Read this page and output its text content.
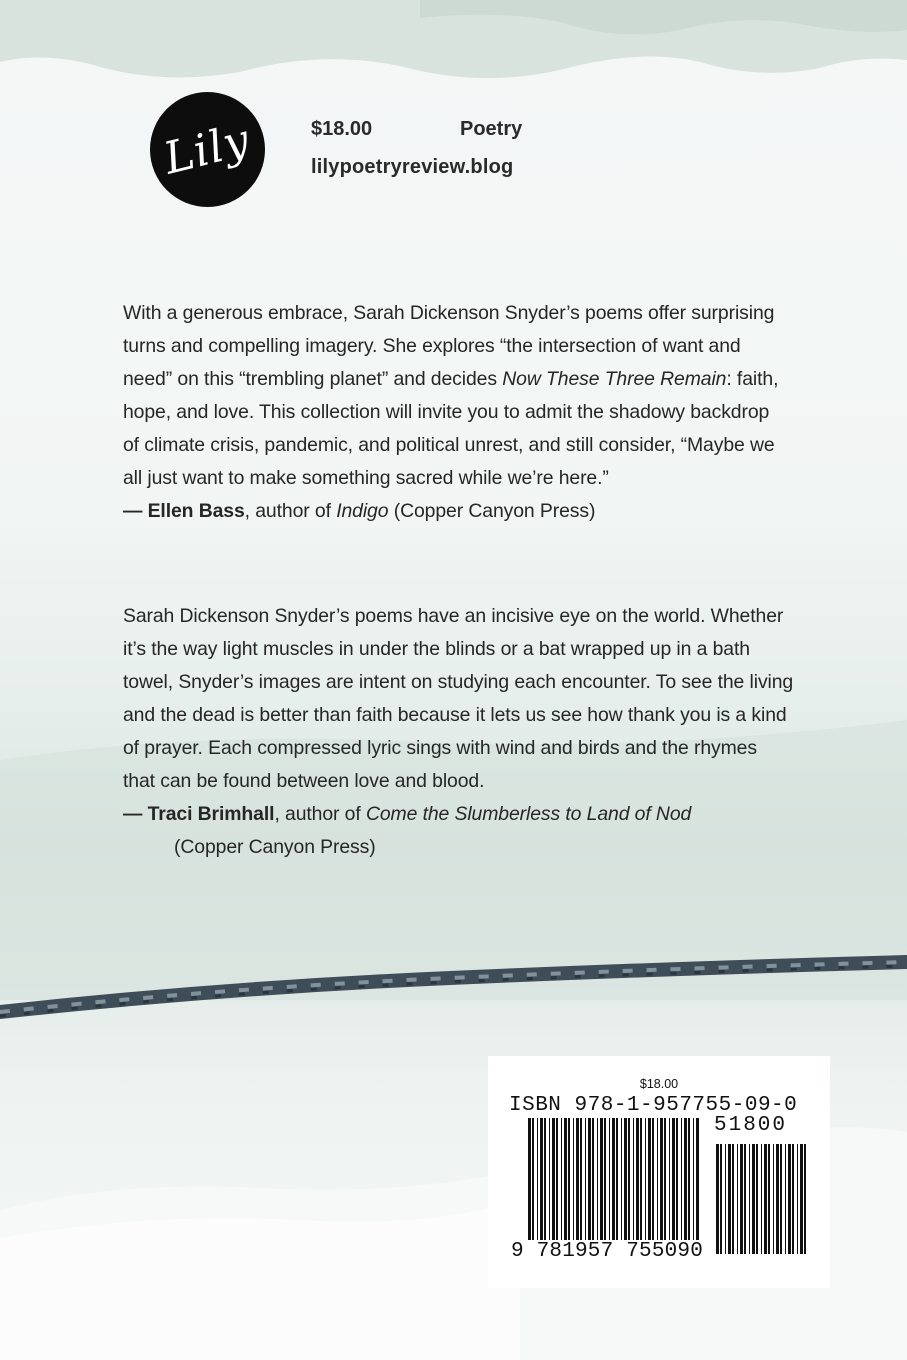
Lily	$18.00	Poetry
lilypoetryreview.blog
With a generous embrace, Sarah Dickenson Snyder’s poems offer surprising
turns and compelling imagery. She explores “the intersection of want and
need” on this “trembling planet” and decides Now These Three Remain: faith,
hope, and love. This collection will invite you to admit the shadowy backdrop
of climate crisis, pandemic, and political unrest, and still consider, “Maybe we
all just want to make something sacred while we’re here.”
— Ellen Bass, author of Indigo (Copper Canyon Press)
Sarah Dickenson Snyder’s poems have an incisive eye on the world. Whether
it’s the way light muscles in under the blinds or a bat wrapped up in a bath
towel, Snyder’s images are intent on studying each encounter. To see the living
and the dead is better than faith because it lets us see how thank you is a kind
of prayer. Each compressed lyric sings with wind and birds and the rhymes
that can be found between love and blood.
— Traci Brimhall, author of Come the Slumberless to Land of Nod
(Copper Canyon Press)
$18.00
ISBN 978-1-957755-09-0
51800
9 781957 755090
